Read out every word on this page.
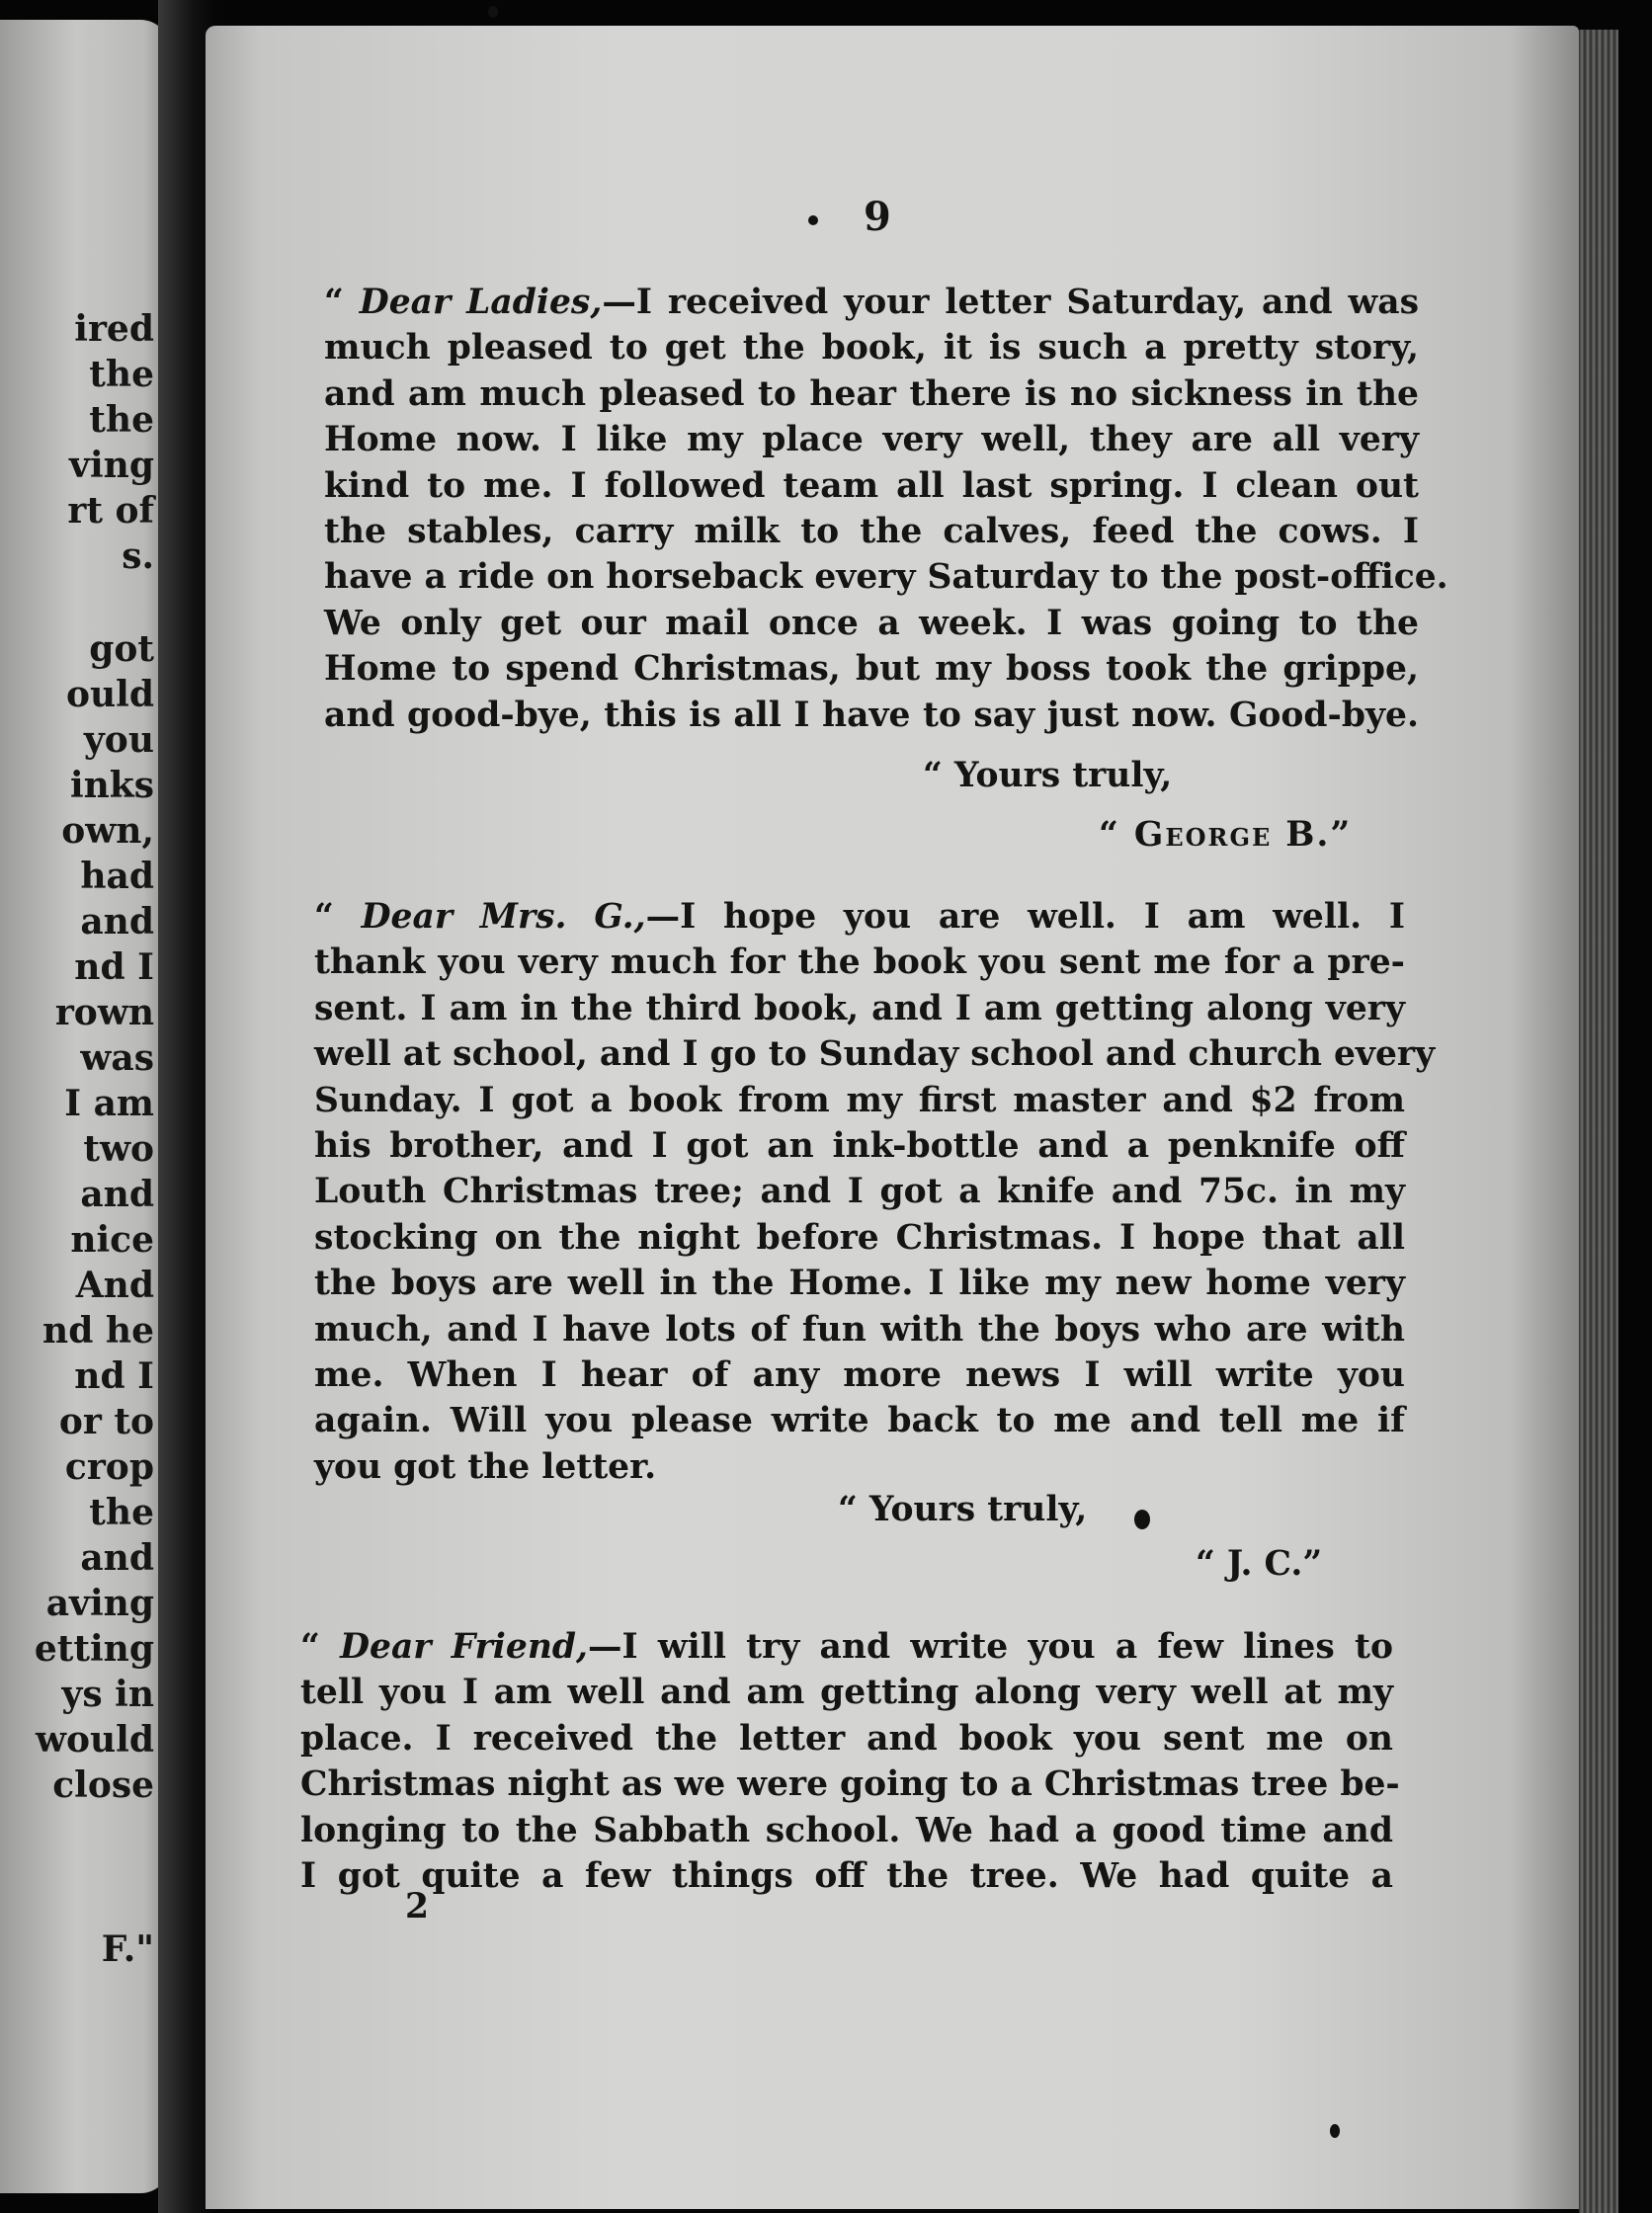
ired

the

the

ving

rt of

s.

got

ould

you

inks

own,

had

and

nd I

rown

was

I am

two

and

nice

And

nd he

nd I

or to

crop

the

and

aving

etting

ys in

would

close

F."

9
“ Dear Ladies,—I received your letter Saturday, and was
much pleased to get the book, it is such a pretty story,
and am much pleased to hear there is no sickness in the
Home now. I like my place very well, they are all very
kind to me. I followed team all last spring. I clean out
the stables, carry milk to the calves, feed the cows. I
have a ride on horseback every Saturday to the post-office.
We only get our mail once a week. I was going to the
Home to spend Christmas, but my boss took the grippe,
and good-bye, this is all I have to say just now. Good-bye.
“ Yours truly,
“ George B.”
“ Dear Mrs. G.,—I hope you are well. I am well. I
thank you very much for the book you sent me for a pre-
sent. I am in the third book, and I am getting along very
well at school, and I go to Sunday school and church every
Sunday. I got a book from my first master and $2 from
his brother, and I got an ink-bottle and a penknife off
Louth Christmas tree; and I got a knife and 75c. in my
stocking on the night before Christmas. I hope that all
the boys are well in the Home. I like my new home very
much, and I have lots of fun with the boys who are with
me. When I hear of any more news I will write you
again. Will you please write back to me and tell me if
you got the letter.
“ Yours truly,
“ J. C.”
“ Dear Friend,—I will try and write you a few lines to
tell you I am well and am getting along very well at my
place. I received the letter and book you sent me on
Christmas night as we were going to a Christmas tree be-
longing to the Sabbath school. We had a good time and
I got quite a few things off the tree. We had quite a
2
